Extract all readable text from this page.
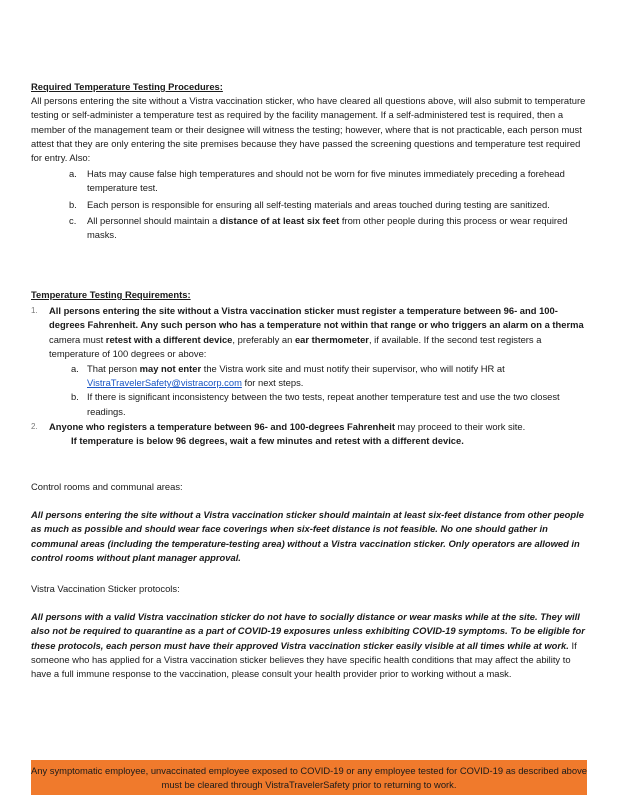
Required Temperature Testing Procedures:

All persons entering the site without a Vistra vaccination sticker, who have cleared all questions above, will also submit to temperature testing or self-administer a temperature test as required by the facility management. If a self-administered test is required, then a member of the management team or their designee will witness the testing; however, where that is not practicable, each person must attest that they are only entering the site premises because they have passed the screening questions and temperature test required for entry. Also:

a. Hats may cause false high temperatures and should not be worn for five minutes immediately preceding a forehead temperature test.
b. Each person is responsible for ensuring all self-testing materials and areas touched during testing are sanitized.
c. All personnel should maintain a distance of at least six feet from other people during this process or wear required masks.

Temperature Testing Requirements:

1. All persons entering the site without a Vistra vaccination sticker must register a temperature between 96- and 100-degrees Fahrenheit. Any such person who has a temperature not within that range or who triggers an alarm on a therma camera must retest with a different device, preferably an ear thermometer, if available. If the second test registers a temperature of 100 degrees or above:
a. That person may not enter the Vistra work site and must notify their supervisor, who will notify HR at VistraTravelerSafety@vistracorp.com for next steps.
b. If there is significant inconsistency between the two tests, repeat another temperature test and use the two closest readings.
2. Anyone who registers a temperature between 96- and 100-degrees Fahrenheit may proceed to their work site.
If temperature is below 96 degrees, wait a few minutes and retest with a different device.

Control rooms and communal areas:

All persons entering the site without a Vistra vaccination sticker should maintain at least six-feet distance from other people as much as possible and should wear face coverings when six-feet distance is not feasible. No one should gather in communal areas (including the temperature-testing area) without a Vistra vaccination sticker. Only operators are allowed in control rooms without plant manager approval.

Vistra Vaccination Sticker protocols:

All persons with a valid Vistra vaccination sticker do not have to socially distance or wear masks while at the site. They will also not be required to quarantine as a part of COVID-19 exposures unless exhibiting COVID-19 symptoms. To be eligible for these protocols, each person must have their approved Vistra vaccination sticker easily visible at all times while at work. If someone who has applied for a Vistra vaccination sticker believes they have specific health conditions that may affect the ability to have a full immune response to the vaccination, please consult your health provider prior to working without a mask.

Any symptomatic employee, unvaccinated employee exposed to COVID-19 or any employee tested for COVID-19 as described above must be cleared through VistraTravelerSafety prior to returning to work.
